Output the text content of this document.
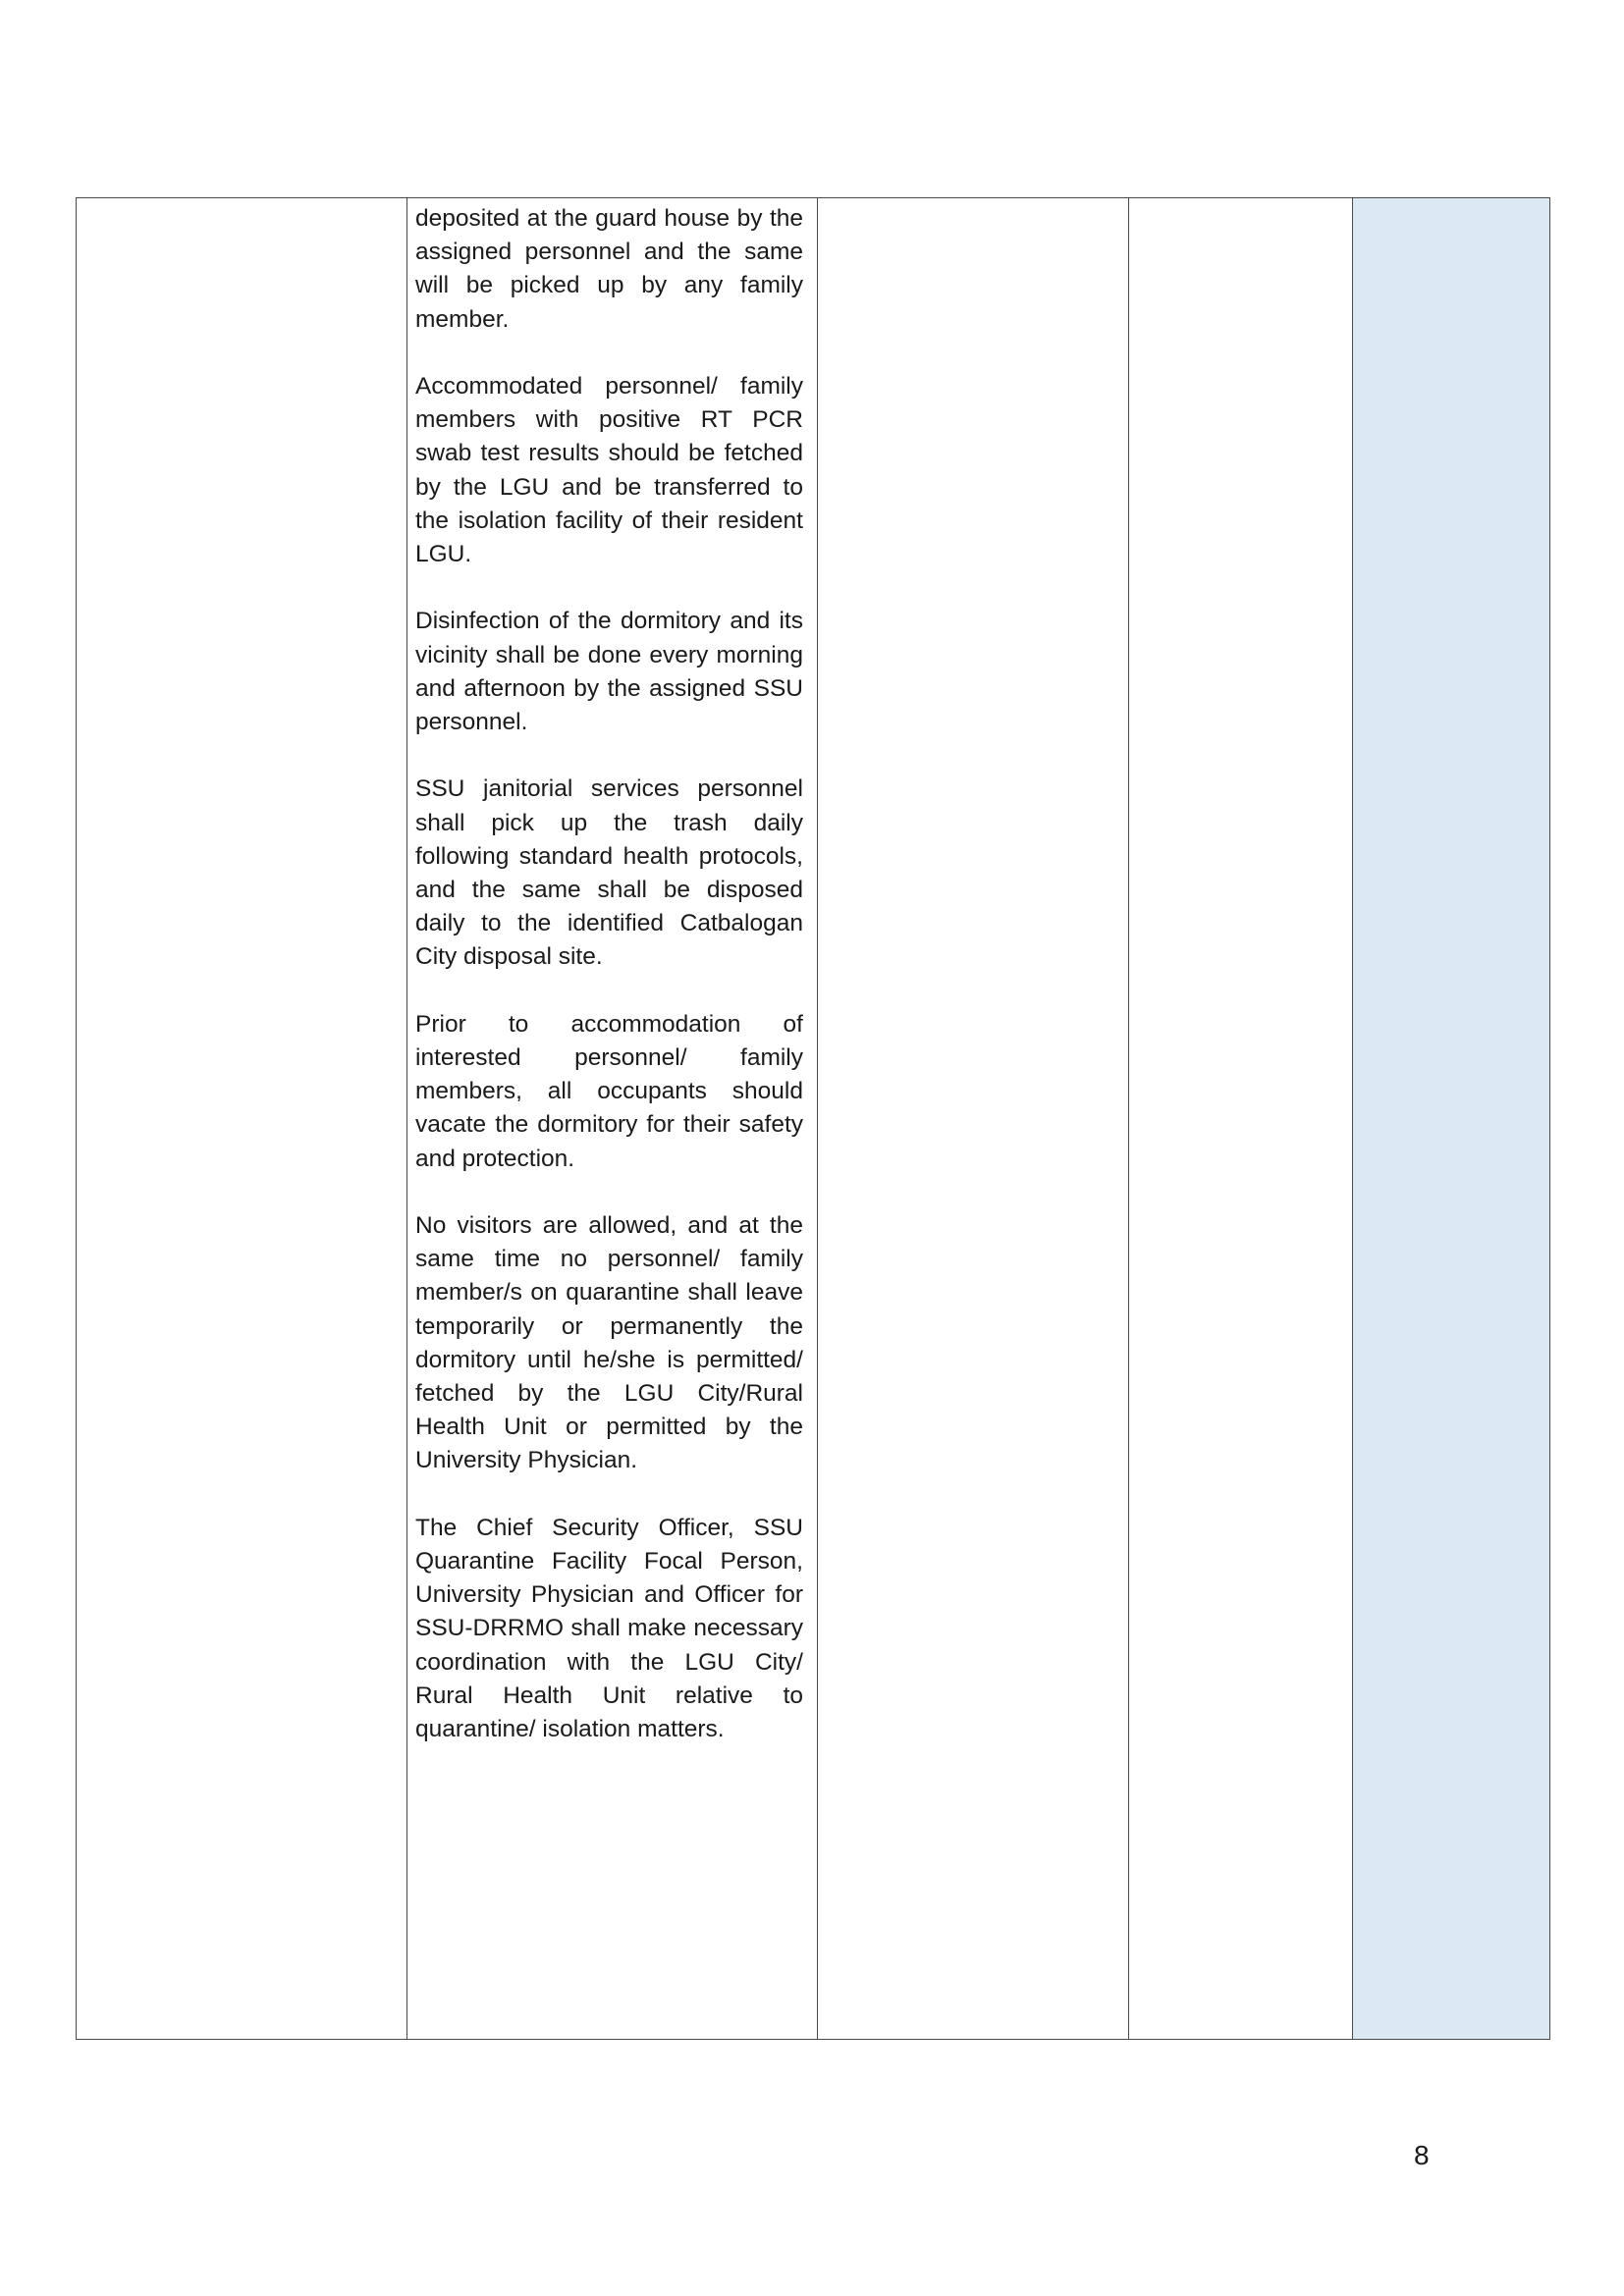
deposited at the guard house by the assigned personnel and the same will be picked up by any family member.

Accommodated personnel/ family members with positive RT PCR swab test results should be fetched by the LGU and be transferred to the isolation facility of their resident LGU.

Disinfection of the dormitory and its vicinity shall be done every morning and afternoon by the assigned SSU personnel.

SSU janitorial services personnel shall pick up the trash daily following standard health protocols, and the same shall be disposed daily to the identified Catbalogan City disposal site.

Prior to accommodation of interested personnel/ family members, all occupants should vacate the dormitory for their safety and protection.

No visitors are allowed, and at the same time no personnel/ family member/s on quarantine shall leave temporarily or permanently the dormitory until he/she is permitted/ fetched by the LGU City/Rural Health Unit or permitted by the University Physician.

The Chief Security Officer, SSU Quarantine Facility Focal Person, University Physician and Officer for SSU-DRRMO shall make necessary coordination with the LGU City/ Rural Health Unit relative to quarantine/ isolation matters.

8
